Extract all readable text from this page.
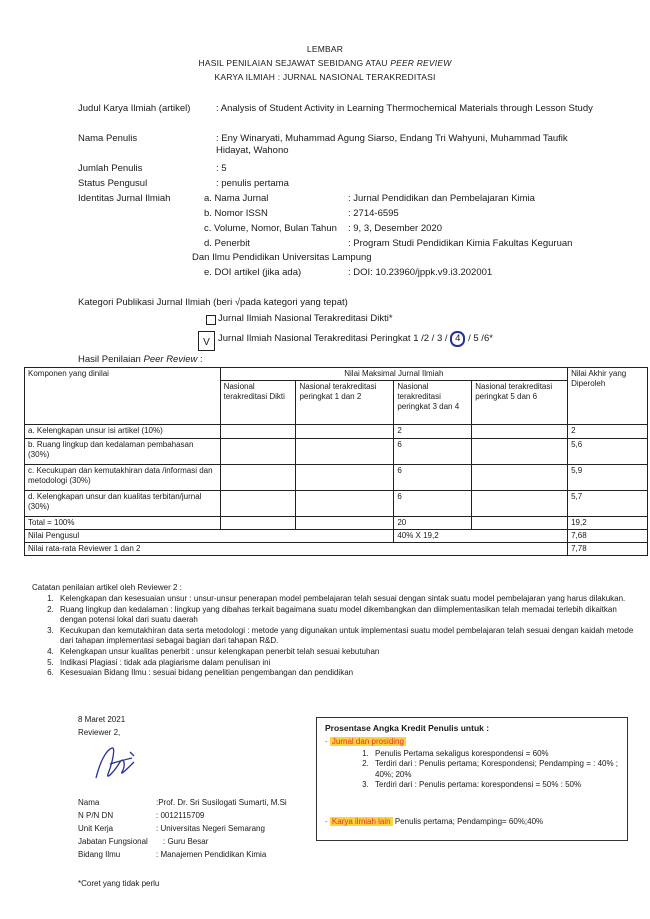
LEMBAR
HASIL PENILAIAN SEJAWAT SEBIDANG ATAU PEER REVIEW
KARYA ILMIAH : JURNAL NASIONAL TERAKREDITASI
Judul Karya Ilmiah (artikel)	: Analysis of Student Activity in Learning Thermochemical Materials through Lesson Study
Nama Penulis	: Eny Winaryati, Muhammad Agung Siarso, Endang Tri Wahyuni, Muhammad Taufik Hidayat, Wahono
Jumlah Penulis	: 5
Status Pengusul	: penulis pertama
Identitas Jurnal Ilmiah	a. Nama Jurnal	: Jurnal Pendidikan dan Pembelajaran Kimia
b. Nomor ISSN	: 2714-6595
c. Volume, Nomor, Bulan Tahun : 9, 3, Desember 2020
d. Penerbit	: Program Studi Pendidikan Kimia Fakultas Keguruan
Dan Ilmu Pendidikan Universitas Lampung
e. DOI artikel (jika ada)	: DOI: 10.23960/jppk.v9.i3.202001
Kategori Publikasi Jurnal Ilmiah (beri √pada kategori yang tepat)
Jurnal Ilmiah Nasional Terakreditasi Dikti*
V Jurnal Ilmiah Nasional Terakreditasi Peringkat 1 /2 / 3 / 4 / 5 /6*
Hasil Penilaian Peer Review :
Komponen yang dinilai	Nilai Maksimal Jurnal Ilmiah				Nilai Akhir yang Diperoleh
	Nasional terakreditasi Dikti	Nasional terakreditasi peringkat 1 dan 2	Nasional terakreditasi peringkat 3 dan 4	Nasional terakreditasi peringkat 5 dan 6	
a. Kelengkapan unsur isi artikel (10%)			2		2
b. Ruang lingkup dan kedalaman pembahasan (30%)			6		5,6
c. Kecukupan dan kemutakhiran data /informasi dan metodologi (30%)			6		5,9
d. Kelengkapan unsur dan kualitas terbitan/jurnal (30%)			6		5,7
Total = 100%			20		19,2
Nilai Pengusul			40% X 19,2		7,68
Nilai rata-rata Reviewer 1 dan 2					7,78
Catatan penilaian artikel oleh Reviewer 2 :
1. Kelengkapan dan kesesuaian unsur : unsur-unsur penerapan model pembelajaran telah sesuai dengan sintak suatu model pembelajaran yang harus dilakukan.
2. Ruang lingkup dan kedalaman : lingkup yang dibahas terkait bagaimana suatu model dikembangkan dan diimplementasikan telah memadai terlebih dikaitkan dengan potensi lokal dari suatu daerah
3. Kecukupan dan kemutakhiran data serta metodologi : metode yang digunakan untuk implementasi suatu model pembelajaran telah sesuai dengan kaidah metode dari tahapan implementasi sebagai bagian dari tahapan R&D.
4. Kelengkapan unsur kualitas penerbit : unsur kelengkapan penerbit telah sesuai kebutuhan
5. Indikasi Plagiasi : tidak ada plagiarisme dalam penulisan ini
6. Kesesuaian Bidang Ilmu : sesuai bidang penelitian pengembangan dan pendidikan
8 Maret 2021
Reviewer 2,
Nama	:Prof. Dr. Sri Susilogati Sumarti, M.Si
N P/N DN	: 0012115709
Unit Kerja	: Universitas Negeri Semarang
Jabatan Fungsional : Guru Besar
Bidang Ilmu	: Manajemen Pendidikan Kimia
*Coret yang tidak perlu
Prosentase Angka Kredit Penulis untuk :
- Jurnal dan prosiding
1. Penulis Pertama sekaligus korespondensi = 60%
2. Terdiri dari : Penulis pertama; Korespondensi; Pendamping = : 40% ; 40%; 20%
3. Terdiri dari : Penulis pertama: korespondensi = 50% : 50%
- Karya ilmiah lain Penulis pertama; Pendamping= 60%;40%
